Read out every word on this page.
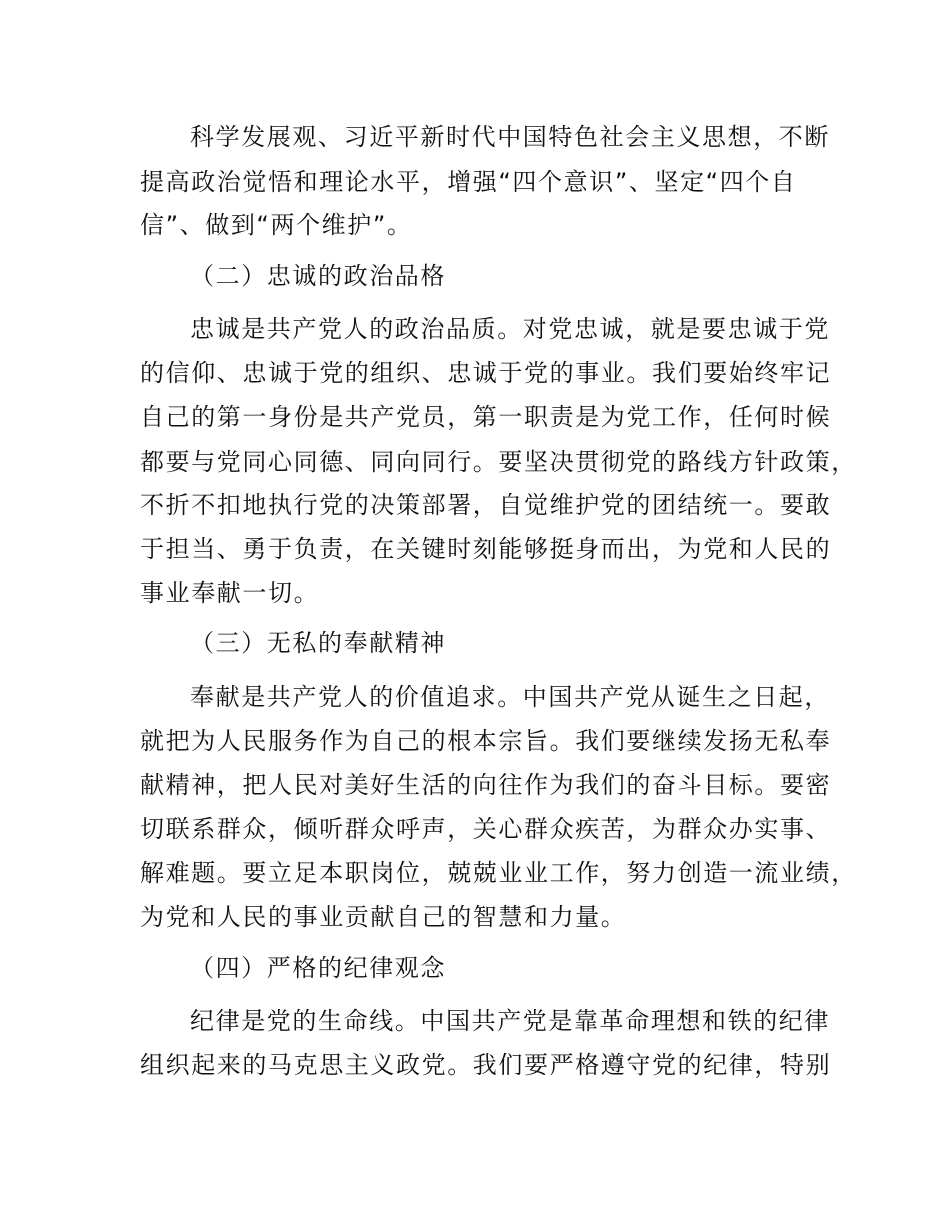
科学发展观、习近平新时代中国特色社会主义思想，不断
提高政治觉悟和理论水平，增强“四个意识”、坚定“四个自
信”、做到“两个维护”。
（二）忠诚的政治品格
忠诚是共产党人的政治品质。对党忠诚，就是要忠诚于党
的信仰、忠诚于党的组织、忠诚于党的事业。我们要始终牢记
自己的第一身份是共产党员，第一职责是为党工作，任何时候
都要与党同心同德、同向同行。要坚决贯彻党的路线方针政策，
不折不扣地执行党的决策部署，自觉维护党的团结统一。要敢
于担当、勇于负责，在关键时刻能够挺身而出，为党和人民的
事业奉献一切。
（三）无私的奉献精神
奉献是共产党人的价值追求。中国共产党从诞生之日起，
就把为人民服务作为自己的根本宗旨。我们要继续发扬无私奉
献精神，把人民对美好生活的向往作为我们的奋斗目标。要密
切联系群众，倾听群众呼声，关心群众疾苦，为群众办实事、
解难题。要立足本职岗位，兢兢业业工作，努力创造一流业绩，
为党和人民的事业贡献自己的智慧和力量。
（四）严格的纪律观念
纪律是党的生命线。中国共产党是靠革命理想和铁的纪律
组织起来的马克思主义政党。我们要严格遵守党的纪律，特别
